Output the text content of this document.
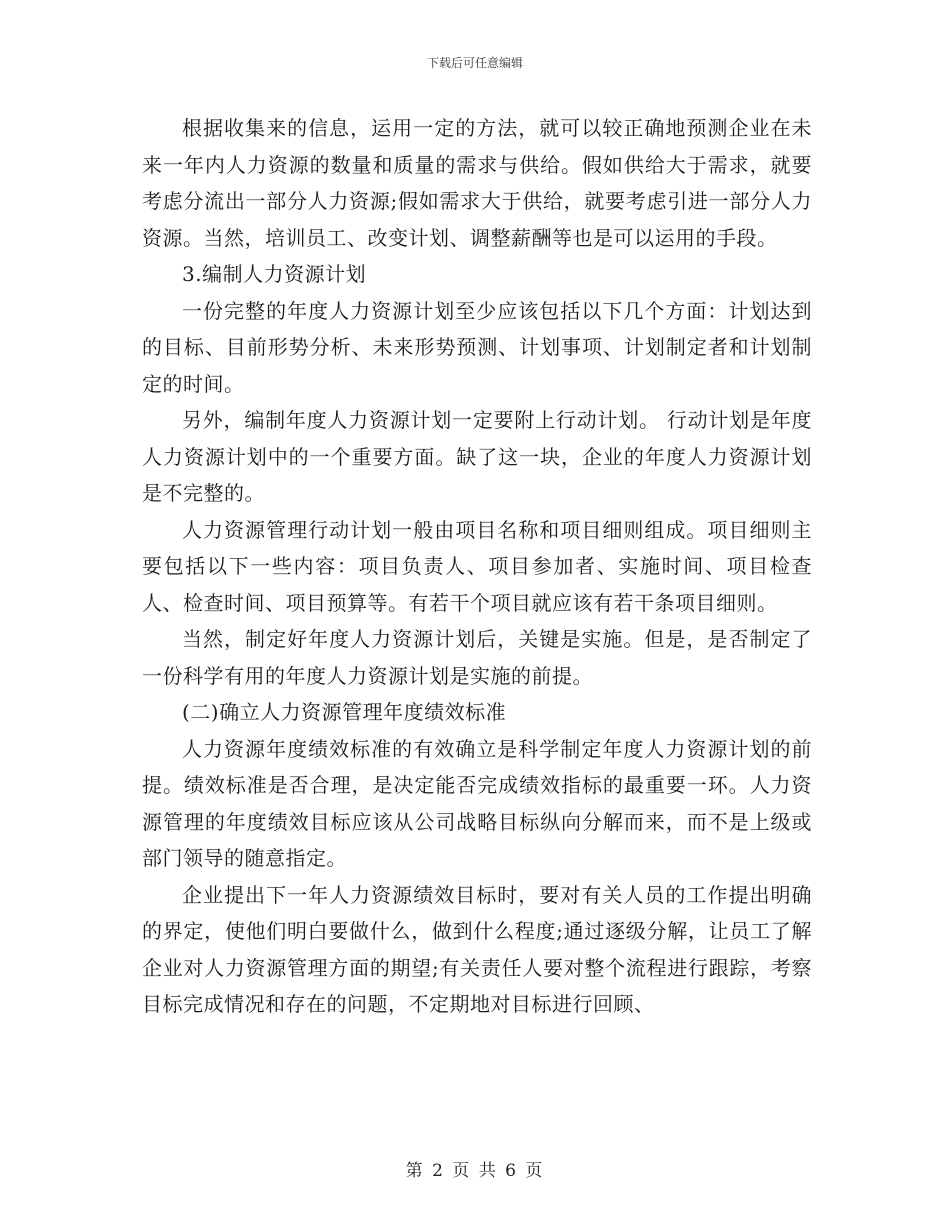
下载后可任意编辑

根据收集来的信息，运用一定的方法，就可以较正确地预测企业在未来一年内人力资源的数量和质量的需求与供给。假如供给大于需求，就要考虑分流出一部分人力资源;假如需求大于供给，就要考虑引进一部分人力资源。当然，培训员工、改变计划、调整薪酬等也是可以运用的手段。

3.编制人力资源计划

一份完整的年度人力资源计划至少应该包括以下几个方面：计划达到的目标、目前形势分析、未来形势预测、计划事项、计划制定者和计划制定的时间。

另外，编制年度人力资源计划一定要附上行动计划。 行动计划是年度人力资源计划中的一个重要方面。缺了这一块，企业的年度人力资源计划是不完整的。

人力资源管理行动计划一般由项目名称和项目细则组成。项目细则主要包括以下一些内容：项目负责人、项目参加者、实施时间、项目检查人、检查时间、项目预算等。有若干个项目就应该有若干条项目细则。

当然，制定好年度人力资源计划后，关键是实施。但是，是否制定了一份科学有用的年度人力资源计划是实施的前提。

(二)确立人力资源管理年度绩效标准

人力资源年度绩效标准的有效确立是科学制定年度人力资源计划的前提。绩效标准是否合理，是决定能否完成绩效指标的最重要一环。人力资源管理的年度绩效目标应该从公司战略目标纵向分解而来，而不是上级或部门领导的随意指定。

企业提出下一年人力资源绩效目标时，要对有关人员的工作提出明确的界定，使他们明白要做什么，做到什么程度;通过逐级分解，让员工了解企业对人力资源管理方面的期望;有关责任人要对整个流程进行跟踪，考察目标完成情况和存在的问题，不定期地对目标进行回顾、

第 2 页 共 6 页
